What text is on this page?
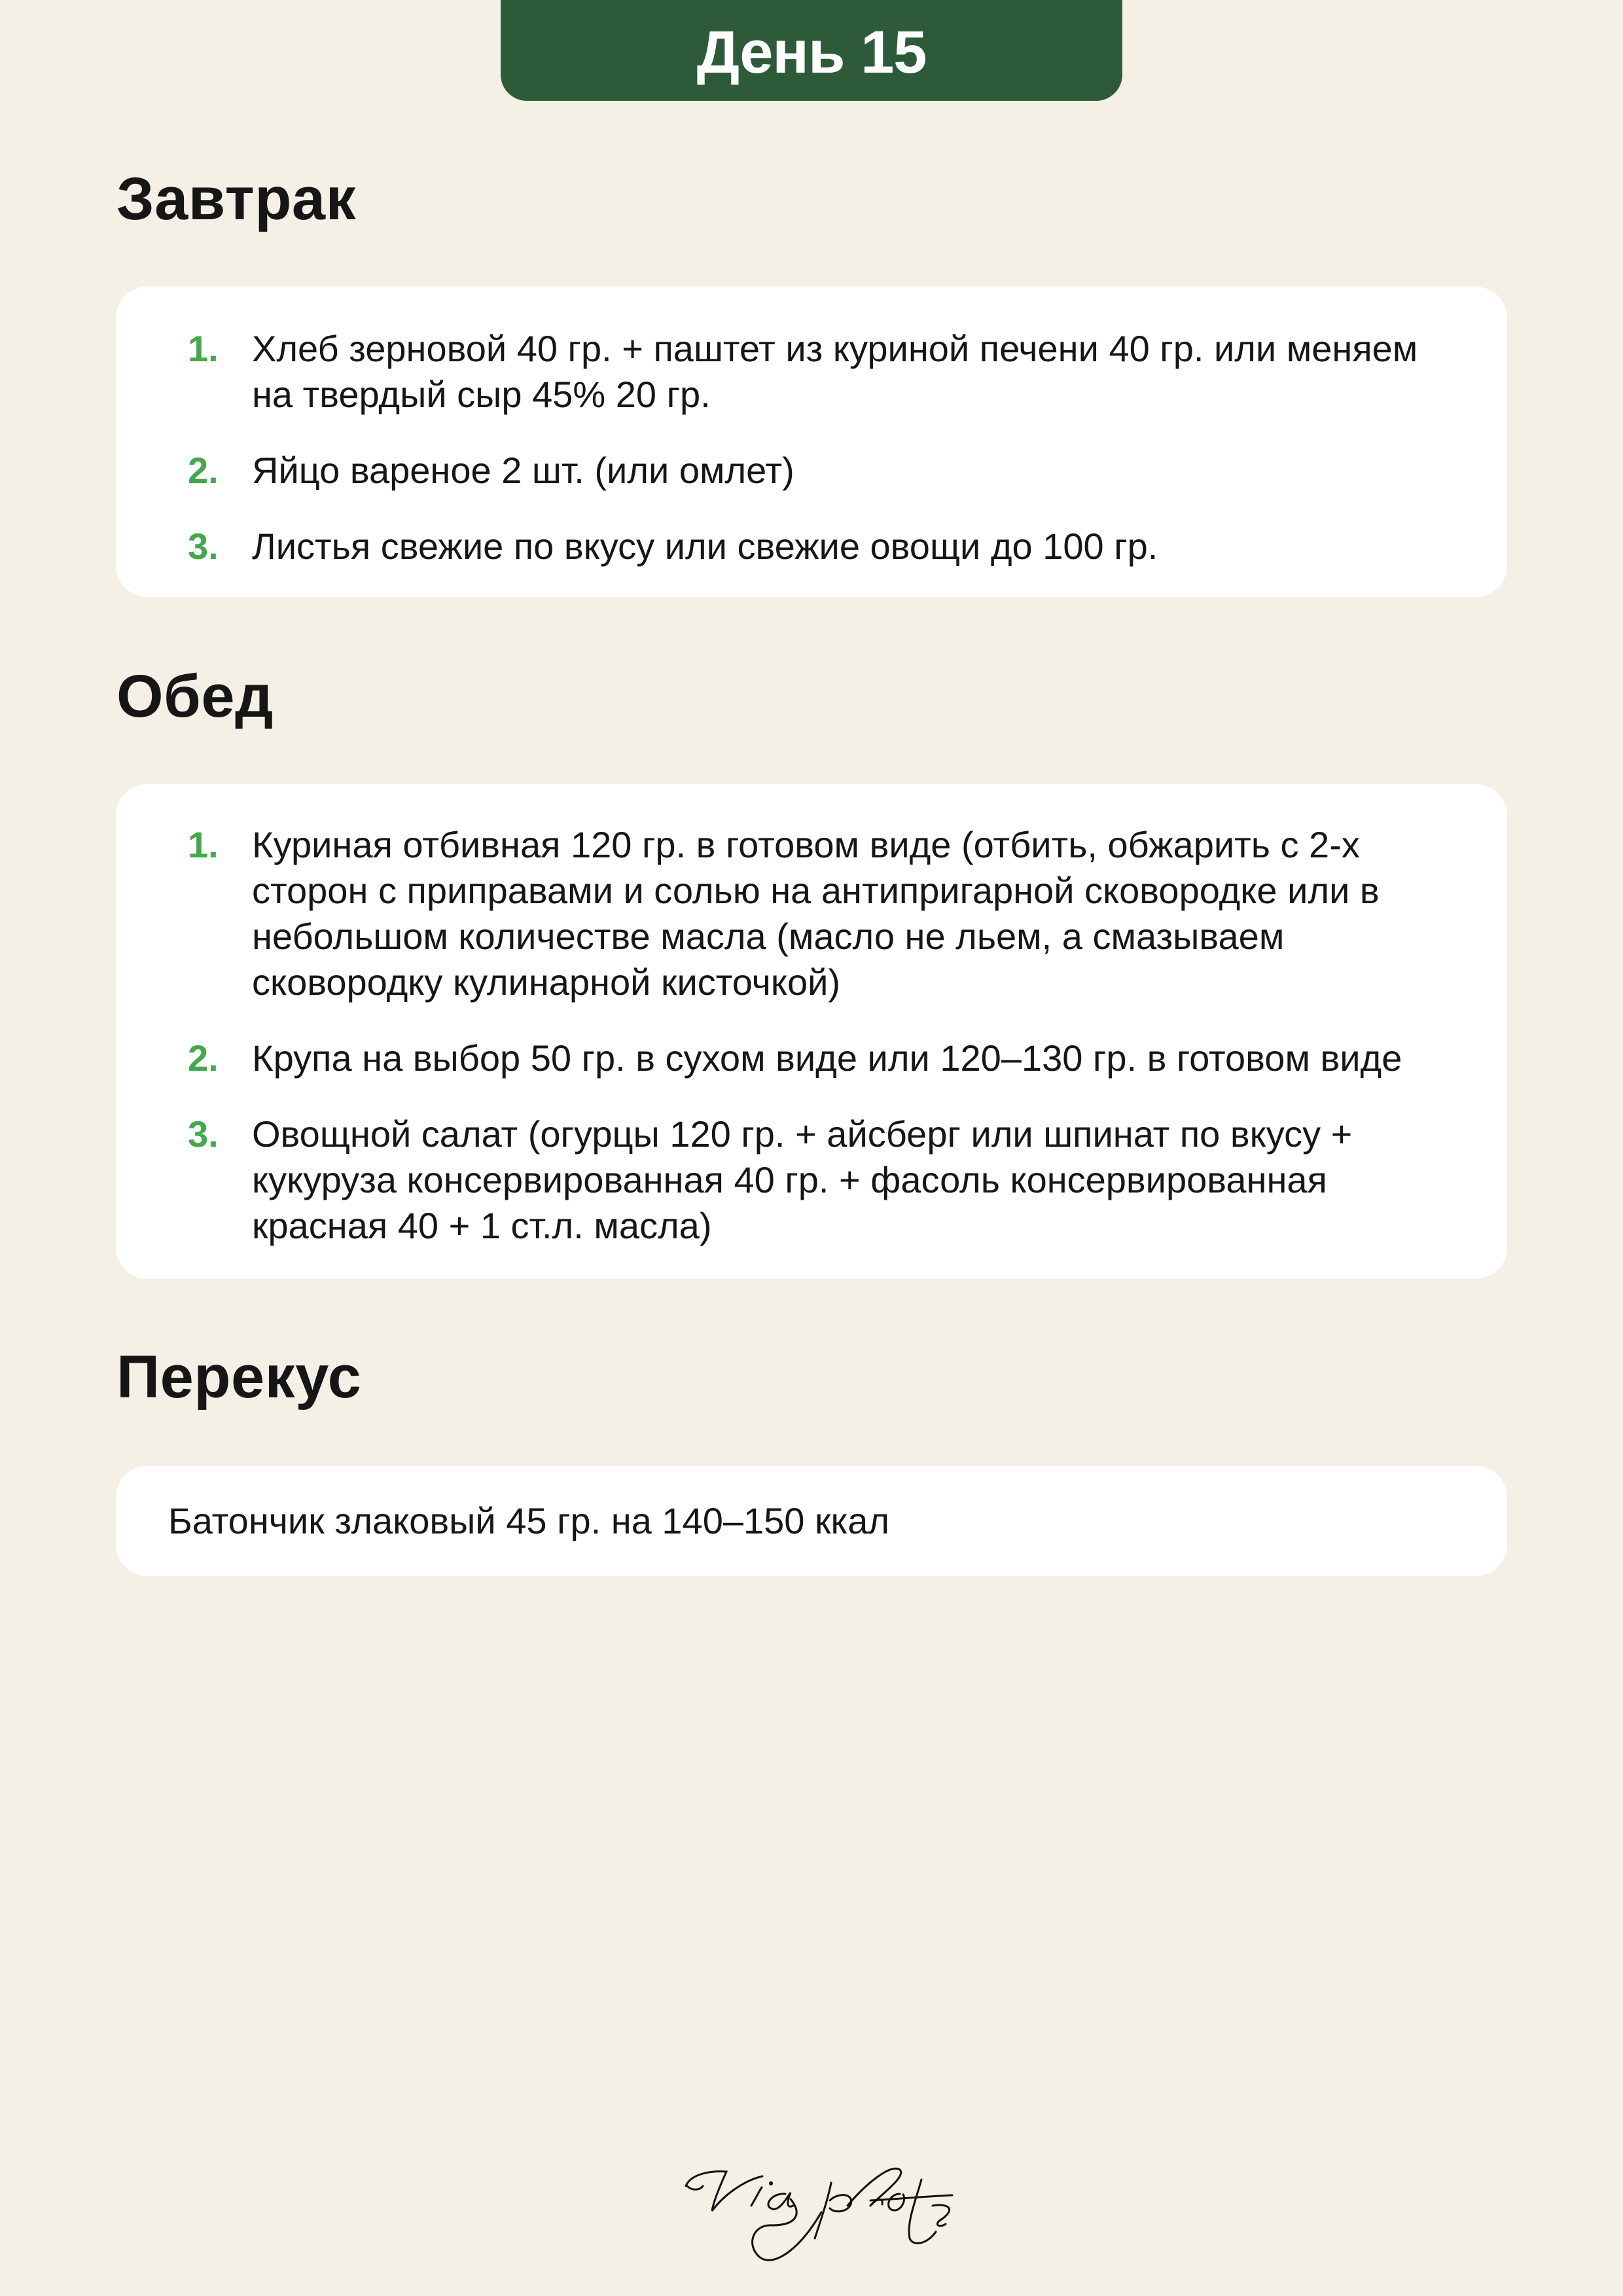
День 15
Завтрак
1. Хлеб зерновой 40 гр. + паштет из куриной печени 40 гр. или меняем на твердый сыр 45% 20 гр.
2. Яйцо вареное 2 шт. (или омлет)
3. Листья свежие по вкусу или свежие овощи до 100 гр.
Обед
1. Куриная отбивная 120 гр. в готовом виде (отбить, обжарить с 2-х сторон с приправами и солью на антипригарной сковородке или в небольшом количестве масла (масло не льем, а смазываем сковородку кулинарной кисточкой)
2. Крупа на выбор 50 гр. в сухом виде или 120–130 гр. в готовом виде
3. Овощной салат (огурцы 120 гр. + айсберг или шпинат по вкусу + кукуруза консервированная 40 гр. + фасоль консервированная красная 40 + 1 ст.л. масла)
Перекус
Батончик злаковый 45 гр. на 140–150 ккал
